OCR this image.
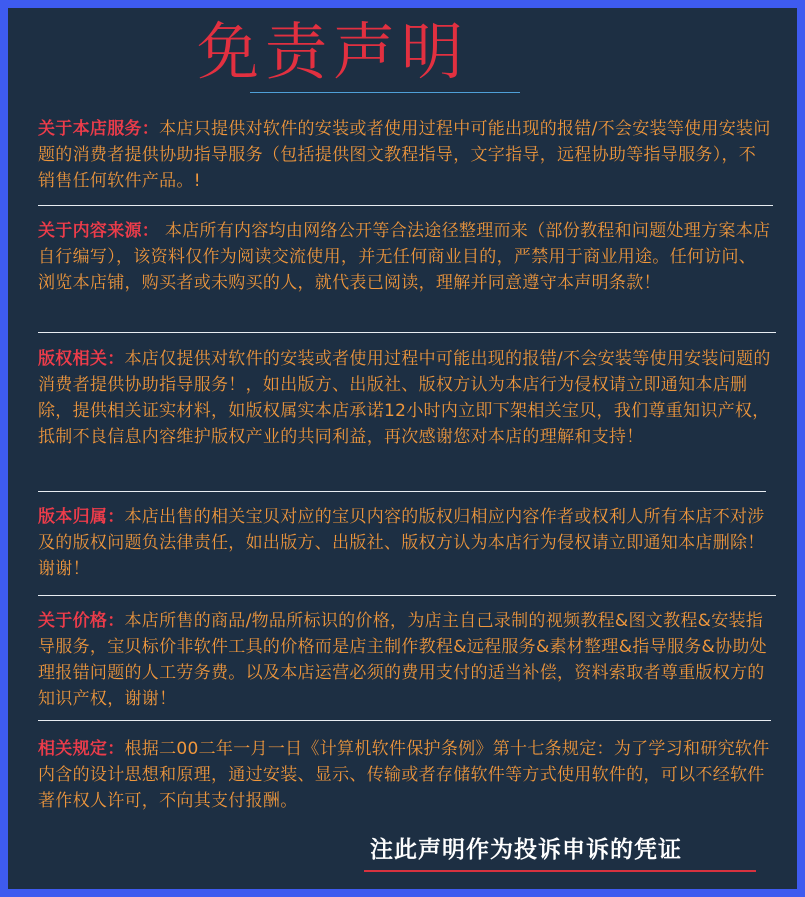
免责声明

关于本店服务：本店只提供对软件的安装或者使用过程中可能出现的报错/不会安装等使用安装问题的消费者提供协助指导服务（包括提供图文教程指导，文字指导，远程协助等指导服务），不销售任何软件产品。!

关于内容来源： 本店所有内容均由网络公开等合法途径整理而来（部份教程和问题处理方案本店自行编写），该资料仅作为阅读交流使用，并无任何商业目的，严禁用于商业用途。任何访问、浏览本店铺，购买者或未购买的人，就代表已阅读，理解并同意遵守本声明条款！

版权相关：本店仅提供对软件的安装或者使用过程中可能出现的报错/不会安装等使用安装问题的消费者提供协助指导服务！，如出版方、出版社、版权方认为本店行为侵权请立即通知本店删除，提供相关证实材料，如版权属实本店承诺12小时内立即下架相关宝贝，我们尊重知识产权，抵制不良信息内容维护版权产业的共同利益，再次感谢您对本店的理解和支持！

版本归属：本店出售的相关宝贝对应的宝贝内容的版权归相应内容作者或权利人所有本店不对涉及的版权问题负法律责任，如出版方、出版社、版权方认为本店行为侵权请立即通知本店删除！谢谢！

关于价格：本店所售的商品/物品所标识的价格，为店主自己录制的视频教程&图文教程&安装指导服务，宝贝标价非软件工具的价格而是店主制作教程&远程服务&素材整理&指导服务&协助处理报错问题的人工劳务费。以及本店运营必须的费用支付的适当补偿，资料索取者尊重版权方的知识产权，谢谢！

相关规定：根据二00二年一月一日《计算机软件保护条例》第十七条规定：为了学习和研究软件内含的设计思想和原理，通过安装、显示、传输或者存储软件等方式使用软件的，可以不经软件著作权人许可，不向其支付报酬。

注此声明作为投诉申诉的凭证
